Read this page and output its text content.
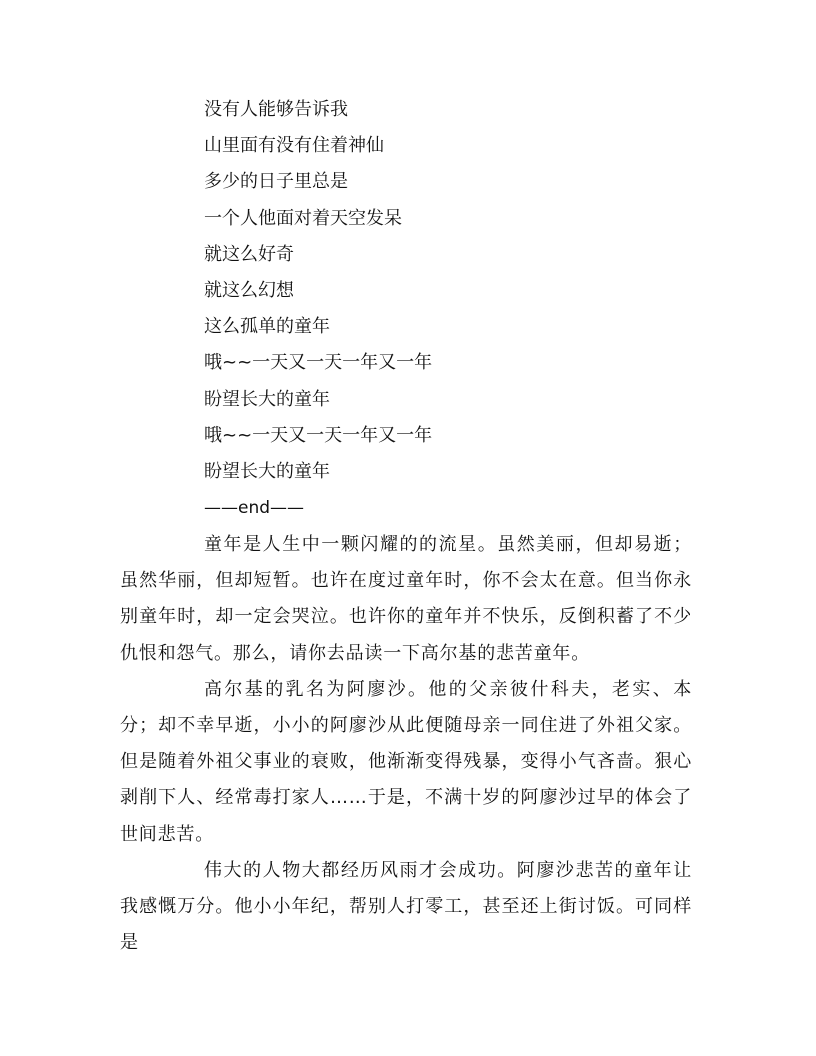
没有人能够告诉我
山里面有没有住着神仙
多少的日子里总是
一个人他面对着天空发呆
就这么好奇
就这么幻想
这么孤单的童年
哦~~一天又一天一年又一年
盼望长大的童年
哦~~一天又一天一年又一年
盼望长大的童年
——end——

童年是人生中一颗闪耀的的流星。虽然美丽，但却易逝；虽然华丽，但却短暂。也许在度过童年时，你不会太在意。但当你永别童年时，却一定会哭泣。也许你的童年并不快乐，反倒积蓄了不少仇恨和怨气。那么，请你去品读一下高尔基的悲苦童年。

高尔基的乳名为阿廖沙。他的父亲彼什科夫，老实、本分；却不幸早逝，小小的阿廖沙从此便随母亲一同住进了外祖父家。但是随着外祖父事业的衰败，他渐渐变得残暴，变得小气吝啬。狠心剥削下人、经常毒打家人……于是，不满十岁的阿廖沙过早的体会了世间悲苦。

伟大的人物大都经历风雨才会成功。阿廖沙悲苦的童年让我感慨万分。他小小年纪，帮别人打零工，甚至还上街讨饭。可同样是
